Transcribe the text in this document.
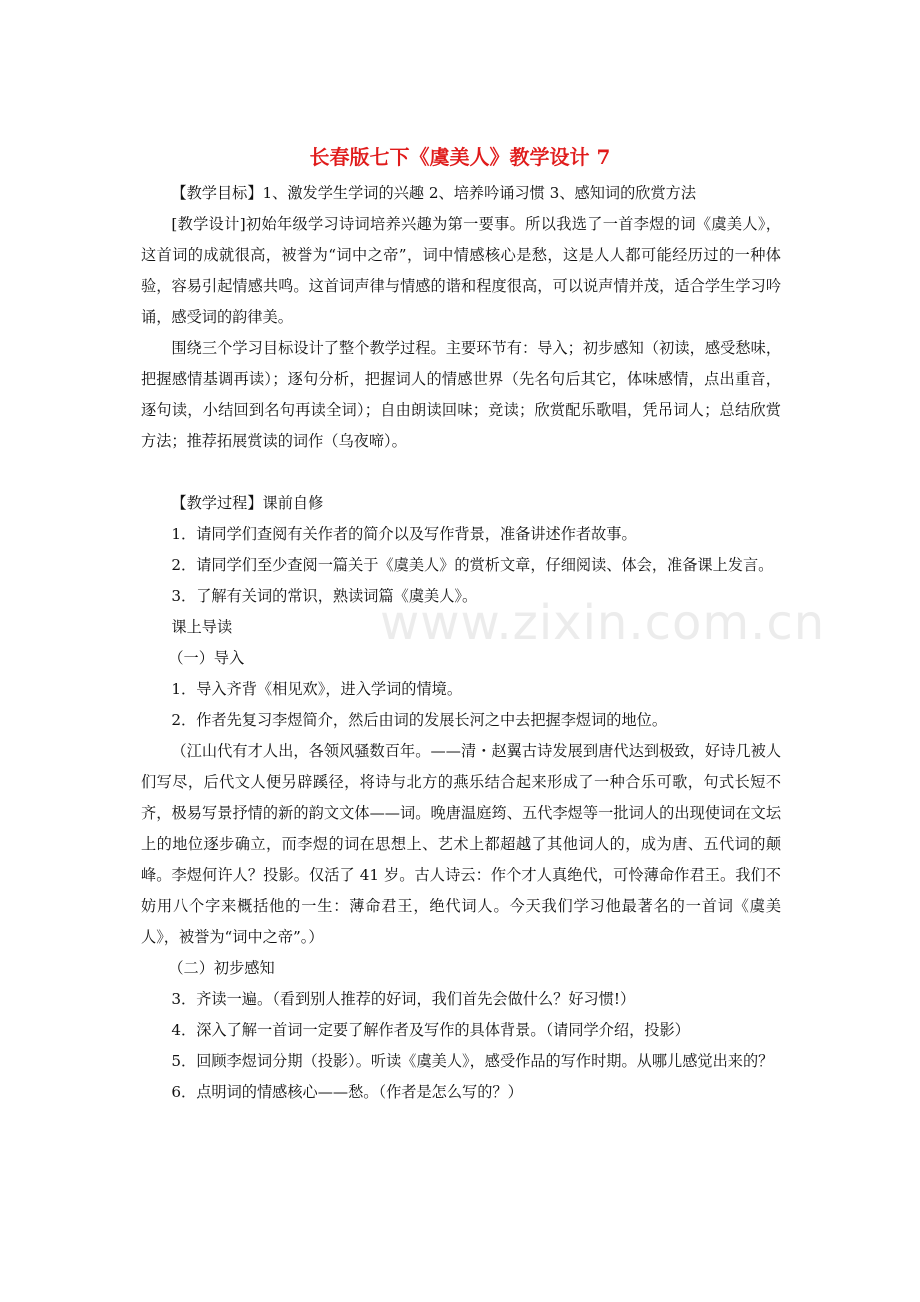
www.zixin.com.cn
长春版七下《虞美人》教学设计 7

【教学目标】1、激发学生学词的兴趣 2、培养吟诵习惯 3、感知词的欣赏方法

[教学设计]初始年级学习诗词培养兴趣为第一要事。所以我选了一首李煜的词《虞美人》，这首词的成就很高，被誉为“词中之帝”，词中情感核心是愁，这是人人都可能经历过的一种体验，容易引起情感共鸣。这首词声律与情感的谐和程度很高，可以说声情并茂，适合学生学习吟诵，感受词的韵律美。

围绕三个学习目标设计了整个教学过程。主要环节有：导入；初步感知（初读，感受愁味，把握感情基调再读）；逐句分析，把握词人的情感世界（先名句后其它，体味感情，点出重音，逐句读，小结回到名句再读全词）；自由朗读回味；竞读；欣赏配乐歌唱，凭吊词人；总结欣赏方法；推荐拓展赏读的词作（乌夜啼）。

【教学过程】课前自修

1．请同学们查阅有关作者的简介以及写作背景，准备讲述作者故事。

2．请同学们至少查阅一篇关于《虞美人》的赏析文章，仔细阅读、体会，准备课上发言。

3．了解有关词的常识，熟读词篇《虞美人》。

课上导读

（一）导入

1．导入齐背《相见欢》，进入学词的情境。

2．作者先复习李煜简介，然后由词的发展长河之中去把握李煜词的地位。

（江山代有才人出，各领风骚数百年。——清・赵翼古诗发展到唐代达到极致，好诗几被人们写尽，后代文人便另辟蹊径，将诗与北方的燕乐结合起来形成了一种合乐可歌，句式长短不齐，极易写景抒情的新的韵文文体——词。晚唐温庭筠、五代李煜等一批词人的出现使词在文坛上的地位逐步确立，而李煜的词在思想上、艺术上都超越了其他词人的，成为唐、五代词的颠峰。李煜何许人？投影。仅活了 41 岁。古人诗云：作个才人真绝代，可怜薄命作君王。我们不妨用八个字来概括他的一生：薄命君王，绝代词人。今天我们学习他最著名的一首词《虞美人》，被誉为“词中之帝”。）

（二）初步感知

3．齐读一遍。（看到别人推荐的好词，我们首先会做什么？好习惯!）

4．深入了解一首词一定要了解作者及写作的具体背景。（请同学介绍，投影）

5．回顾李煜词分期（投影）。听读《虞美人》，感受作品的写作时期。从哪儿感觉出来的？

6．点明词的情感核心——愁。（作者是怎么写的？）
